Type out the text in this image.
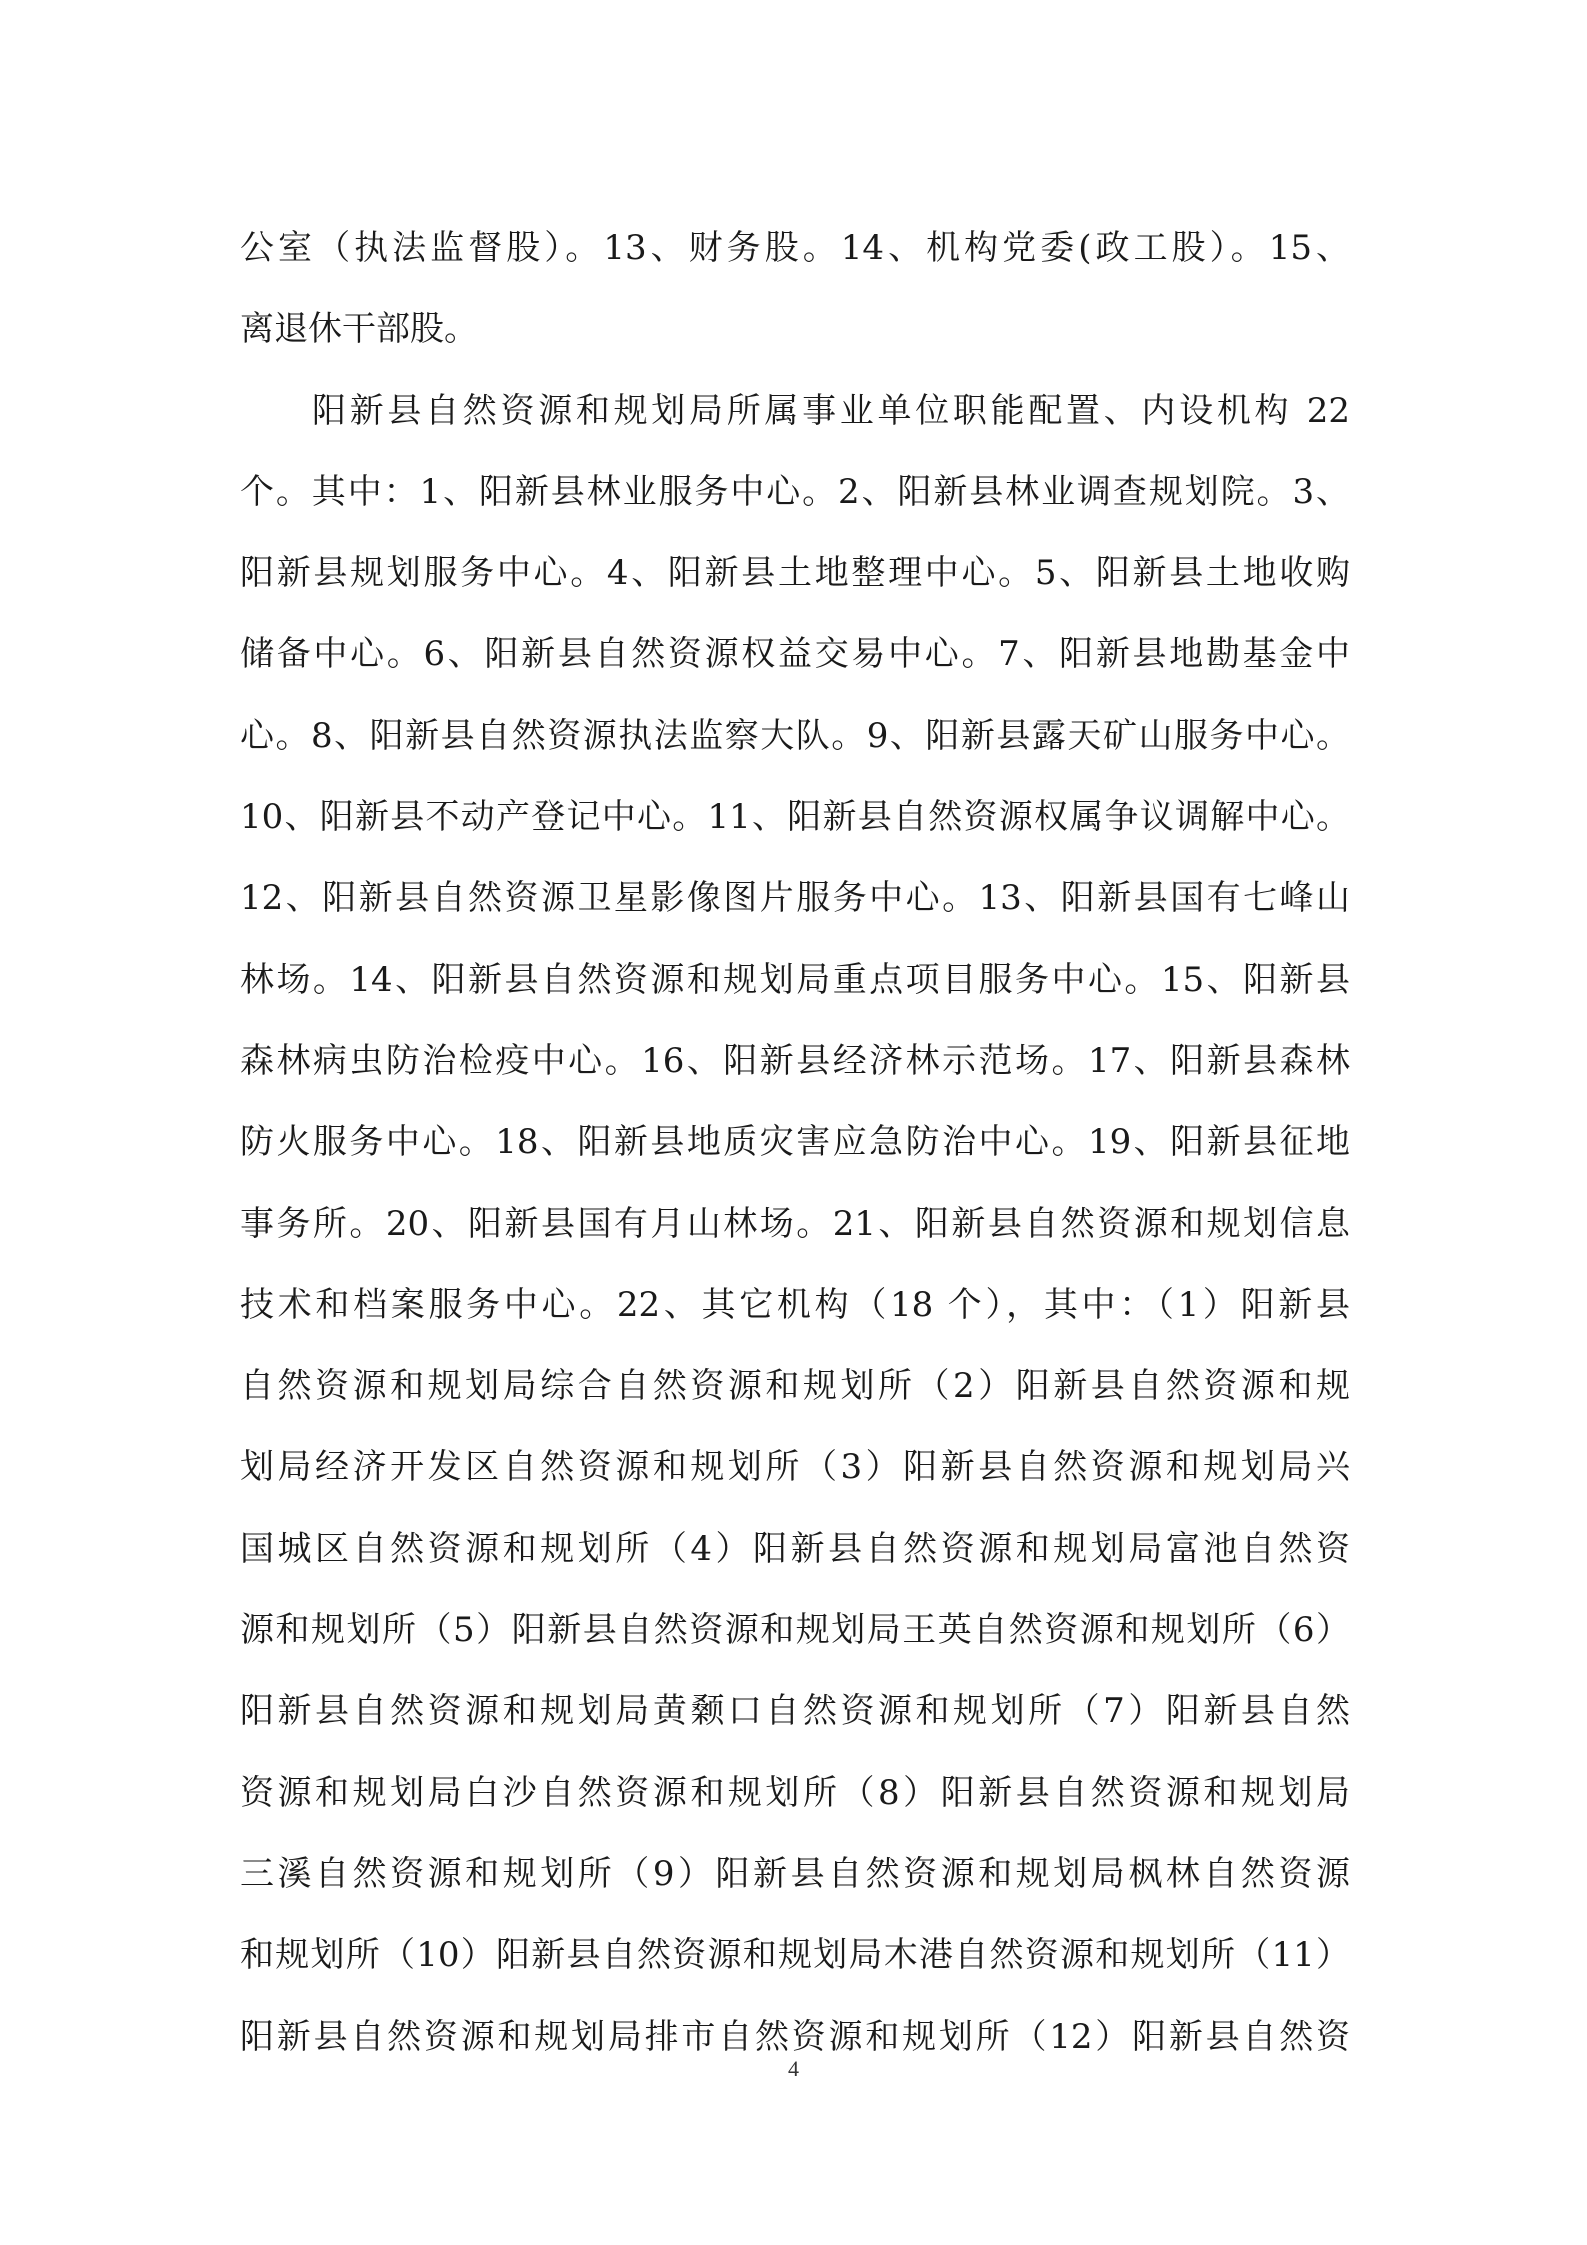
公室（执法监督股）。13、财务股。14、机构党委(政工股）。15、
离退休干部股。
阳新县自然资源和规划局所属事业单位职能配置、内设机构 22
个。其中：1、阳新县林业服务中心。2、阳新县林业调查规划院。3、
阳新县规划服务中心。4、阳新县土地整理中心。5、阳新县土地收购
储备中心。6、阳新县自然资源权益交易中心。7、阳新县地勘基金中
心。8、阳新县自然资源执法监察大队。9、阳新县露天矿山服务中心。
10、阳新县不动产登记中心。11、阳新县自然资源权属争议调解中心。
12、阳新县自然资源卫星影像图片服务中心。13、阳新县国有七峰山
林场。14、阳新县自然资源和规划局重点项目服务中心。15、阳新县
森林病虫防治检疫中心。16、阳新县经济林示范场。17、阳新县森林
防火服务中心。18、阳新县地质灾害应急防治中心。19、阳新县征地
事务所。20、阳新县国有月山林场。21、阳新县自然资源和规划信息
技术和档案服务中心。22、其它机构（18 个），其中：（1）阳新县
自然资源和规划局综合自然资源和规划所（2）阳新县自然资源和规
划局经济开发区自然资源和规划所（3）阳新县自然资源和规划局兴
国城区自然资源和规划所（4）阳新县自然资源和规划局富池自然资
源和规划所（5）阳新县自然资源和规划局王英自然资源和规划所（6）
阳新县自然资源和规划局黄颡口自然资源和规划所（7）阳新县自然
资源和规划局白沙自然资源和规划所（8）阳新县自然资源和规划局
三溪自然资源和规划所（9）阳新县自然资源和规划局枫林自然资源
和规划所（10）阳新县自然资源和规划局木港自然资源和规划所（11）
阳新县自然资源和规划局排市自然资源和规划所（12）阳新县自然资
4
